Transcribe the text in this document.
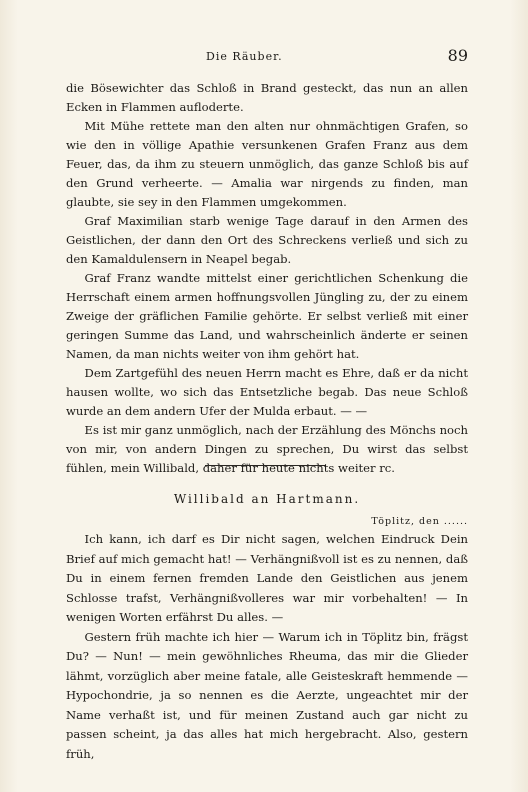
Die Räuber.	89

die Bösewichter das Schloß in Brand gesteckt, das nun an allen Ecken in Flammen aufloderte.

Mit Mühe rettete man den alten nur ohnmächtigen Grafen, so wie den in völlige Apathie versunkenen Grafen Franz aus dem Feuer, das, da ihm zu steuern unmöglich, das ganze Schloß bis auf den Grund verheerte. — Amalia war nirgends zu finden, man glaubte, sie sey in den Flammen umgekommen.

Graf Maximilian starb wenige Tage darauf in den Armen des Geistlichen, der dann den Ort des Schreckens verließ und sich zu den Kamaldulensern in Neapel begab.

Graf Franz wandte mittelst einer gerichtlichen Schenkung die Herrschaft einem armen hoffnungsvollen Jüngling zu, der zu einem Zweige der gräflichen Familie gehörte. Er selbst verließ mit einer geringen Summe das Land, und wahrscheinlich änderte er seinen Namen, da man nichts weiter von ihm gehört hat.

Dem Zartgefühl des neuen Herrn macht es Ehre, daß er da nicht hausen wollte, wo sich das Entsetzliche begab. Das neue Schloß wurde an dem andern Ufer der Mulda erbaut. — —

Es ist mir ganz unmöglich, nach der Erzählung des Mönchs noch von mir, von andern Dingen zu sprechen, Du wirst das selbst fühlen, mein Willibald, daher für heute nichts weiter rc.

Willibald an Hartmann.
Töplitz, den ......

Ich kann, ich darf es Dir nicht sagen, welchen Eindruck Dein Brief auf mich gemacht hat! — Verhängnißvoll ist es zu nennen, daß Du in einem fernen fremden Lande den Geistlichen aus jenem Schlosse trafst, Verhängnißvolleres war mir vorbehalten! — In wenigen Worten erfährst Du alles. —

Gestern früh machte ich hier — Warum ich in Töplitz bin, frägst Du? — Nun! — mein gewöhnliches Rheuma, das mir die Glieder lähmt, vorzüglich aber meine fatale, alle Geisteskraft hemmende — Hypochondrie, ja so nennen es die Aerzte, ungeachtet mir der Name verhaßt ist, und für meinen Zustand auch gar nicht zu passen scheint, ja das alles hat mich hergebracht. Also, gestern früh,
